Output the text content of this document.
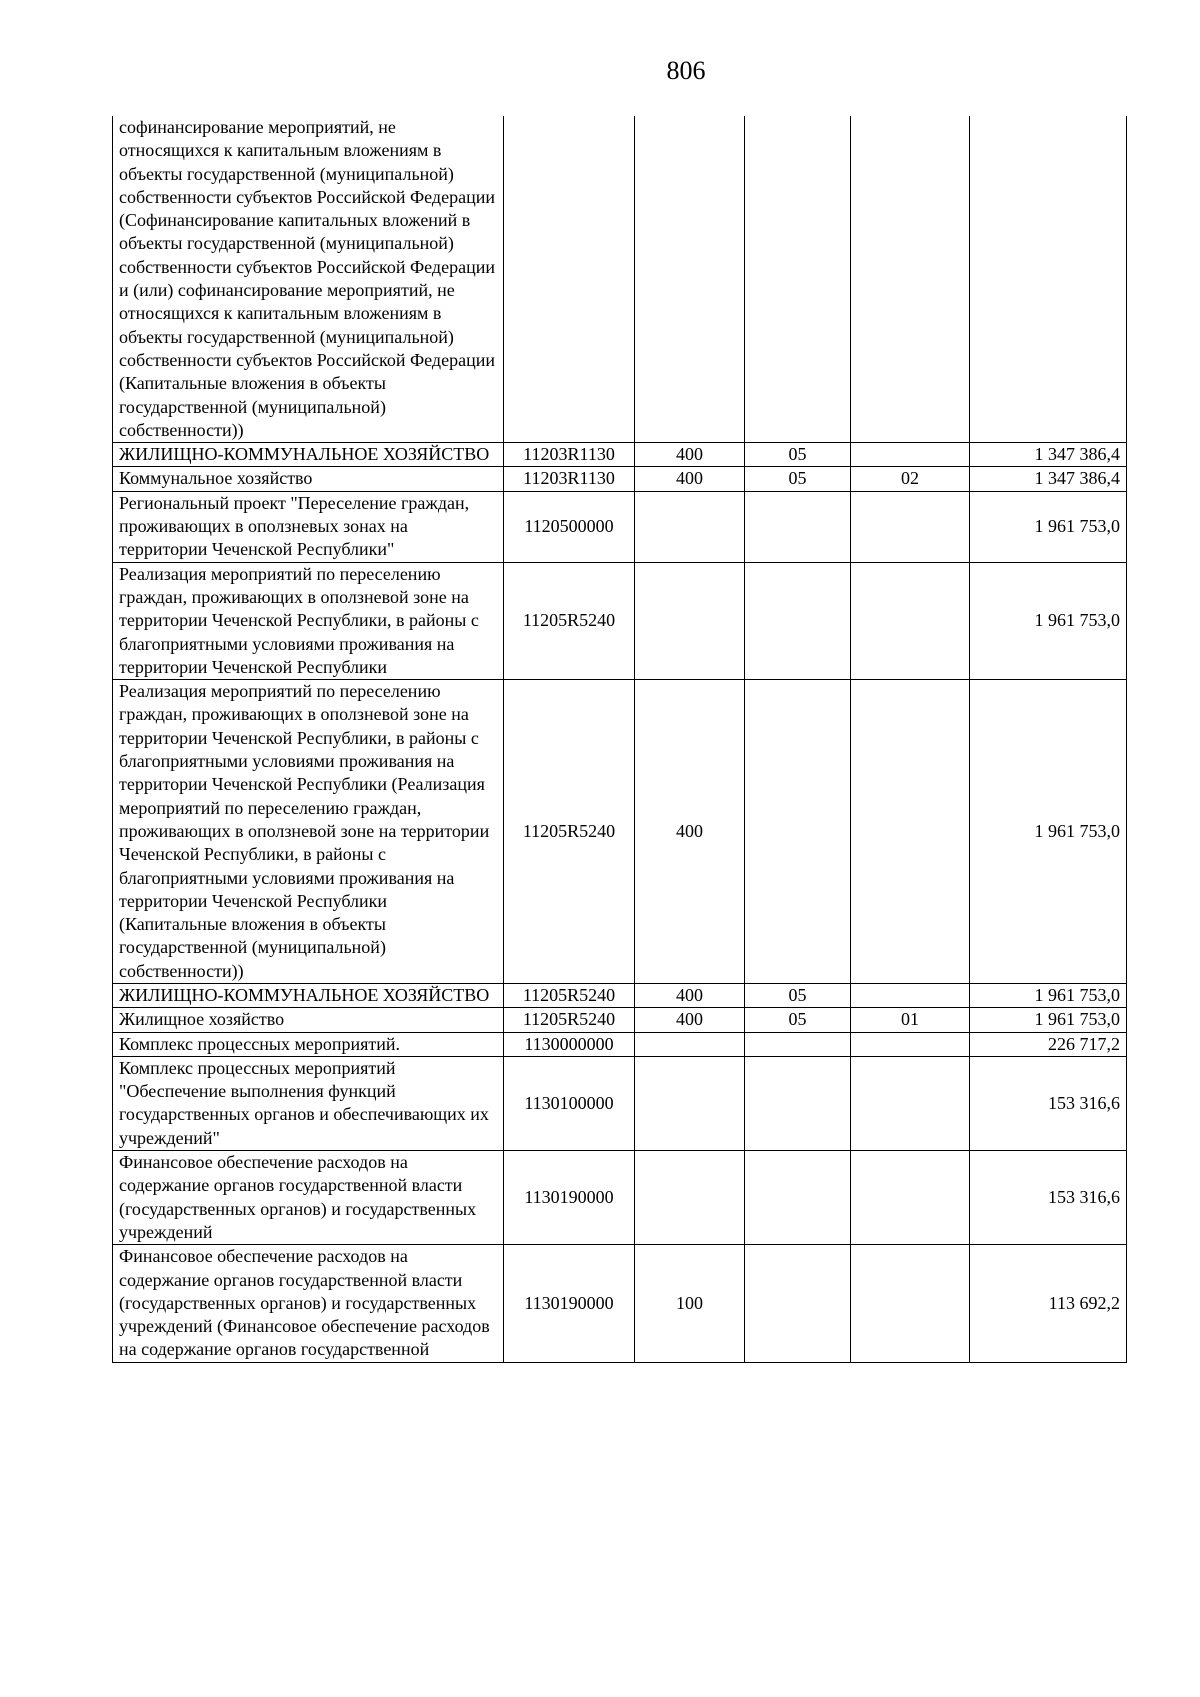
806
софинансирование мероприятий, не относящихся к капитальным вложениям в объекты государственной (муниципальной) собственности субъектов Российской Федерации (Софинансирование капитальных вложений в объекты государственной (муниципальной) собственности субъектов Российской Федерации и (или) софинансирование мероприятий, не относящихся к капитальным вложениям в объекты государственной (муниципальной) собственности субъектов Российской Федерации (Капитальные вложения в объекты государственной (муниципальной) собственности))					
ЖИЛИЩНО-КОММУНАЛЬНОЕ ХОЗЯЙСТВО	11203R1130	400	05		1 347 386,4
Коммунальное хозяйство	11203R1130	400	05	02	1 347 386,4
Региональный проект "Переселение граждан, проживающих в оползневых зонах на территории Чеченской Республики"	1120500000				1 961 753,0
Реализация мероприятий по переселению граждан, проживающих в оползневой зоне на территории Чеченской Республики, в районы с благоприятными условиями проживания на территории Чеченской Республики	11205R5240				1 961 753,0
Реализация мероприятий по переселению граждан, проживающих в оползневой зоне на территории Чеченской Республики, в районы с благоприятными условиями проживания на территории Чеченской Республики (Реализация мероприятий по переселению граждан, проживающих в оползневой зоне на территории Чеченской Республики, в районы с благоприятными условиями проживания на территории Чеченской Республики (Капитальные вложения в объекты государственной (муниципальной) собственности))	11205R5240	400			1 961 753,0
ЖИЛИЩНО-КОММУНАЛЬНОЕ ХОЗЯЙСТВО	11205R5240	400	05		1 961 753,0
Жилищное хозяйство	11205R5240	400	05	01	1 961 753,0
Комплекс процессных мероприятий.	1130000000				226 717,2
Комплекс процессных мероприятий "Обеспечение выполнения функций государственных органов и обеспечивающих их учреждений"	1130100000				153 316,6
Финансовое обеспечение расходов на содержание органов государственной власти (государственных органов) и государственных учреждений	1130190000				153 316,6
Финансовое обеспечение расходов на содержание органов государственной власти (государственных органов) и государственных учреждений (Финансовое обеспечение расходов на содержание органов государственной	1130190000	100			113 692,2
